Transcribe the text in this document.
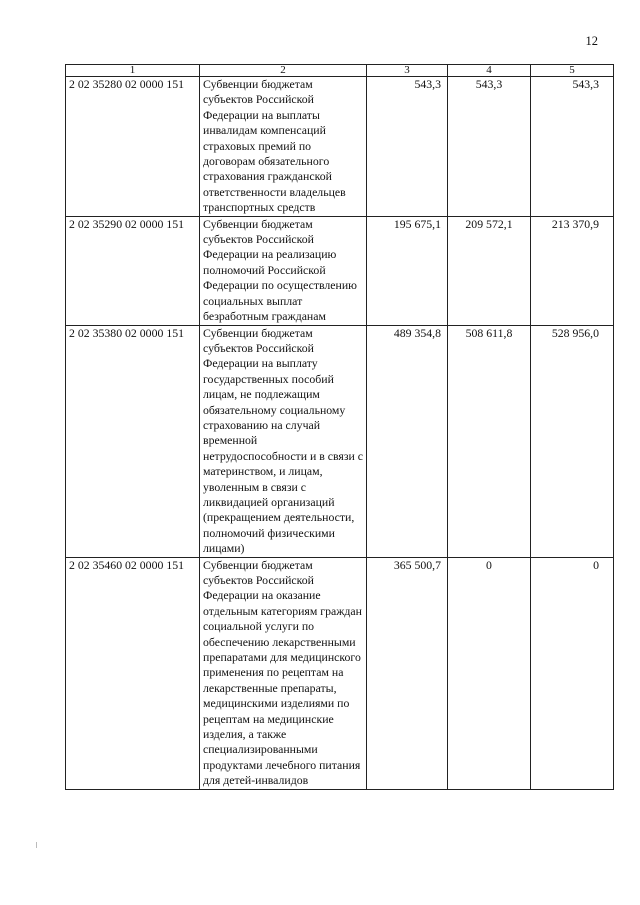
12
1	2	3	4	5
2 02 35280 02 0000 151	Субвенции бюджетам субъектов Российской Федерации на выплаты инвалидам компенсаций страховых премий по договорам обязательного страхования гражданской ответственности владельцев транспортных средств	543,3	543,3	543,3
2 02 35290 02 0000 151	Субвенции бюджетам субъектов Российской Федерации на реализацию полномочий Российской Федерации по осуществлению социальных выплат безработным гражданам	195 675,1	209 572,1	213 370,9
2 02 35380 02 0000 151	Субвенции бюджетам субъектов Российской Федерации на выплату государственных пособий лицам, не подлежащим обязательному социальному страхованию на случай временной нетрудоспособности и в связи с материнством, и лицам, уволенным в связи с ликвидацией организаций (прекращением деятельности, полномочий физическими лицами)	489 354,8	508 611,8	528 956,0
2 02 35460 02 0000 151	Субвенции бюджетам субъектов Российской Федерации на оказание отдельным категориям граждан социальной услуги по обеспечению лекарственными препаратами для медицинского применения по рецептам на лекарственные препараты, медицинскими изделиями по рецептам на медицинские изделия, а также специализированными продуктами лечебного питания для детей-инвалидов	365 500,7	0	0
